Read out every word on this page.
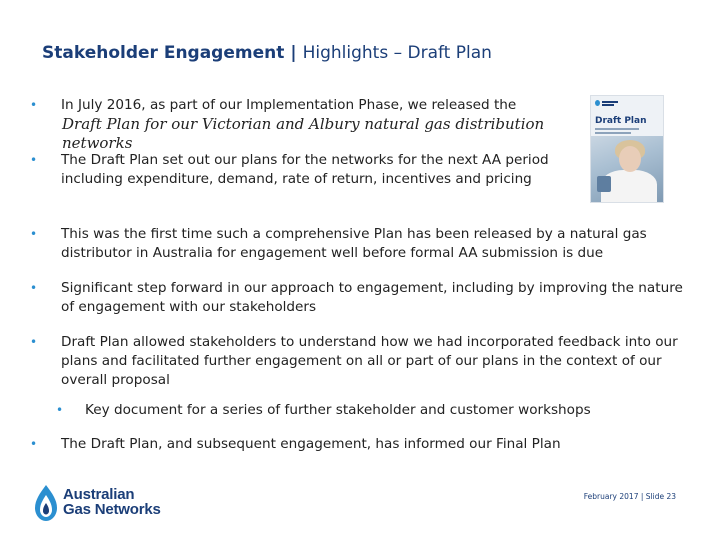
Stakeholder Engagement | Highlights – Draft Plan
• In July 2016, as part of our Implementation Phase, we released the
Draft Plan for our Victorian and Albury natural gas distribution networks
Draft Plan
• The Draft Plan set out our plans for the networks for the next AA period including expenditure, demand, rate of return, incentives and pricing
• This was the first time such a comprehensive Plan has been released by a natural gas distributor in Australia for engagement well before formal AA submission is due
• Significant step forward in our approach to engagement, including by improving the nature of engagement with our stakeholders
• Draft Plan allowed stakeholders to understand how we had incorporated feedback into our plans and facilitated further engagement on all or part of our plans in the context of our overall proposal
• Key document for a series of further stakeholder and customer workshops
• The Draft Plan, and subsequent engagement, has informed our Final Plan
Australian
Gas Networks
February 2017 | Slide 23
